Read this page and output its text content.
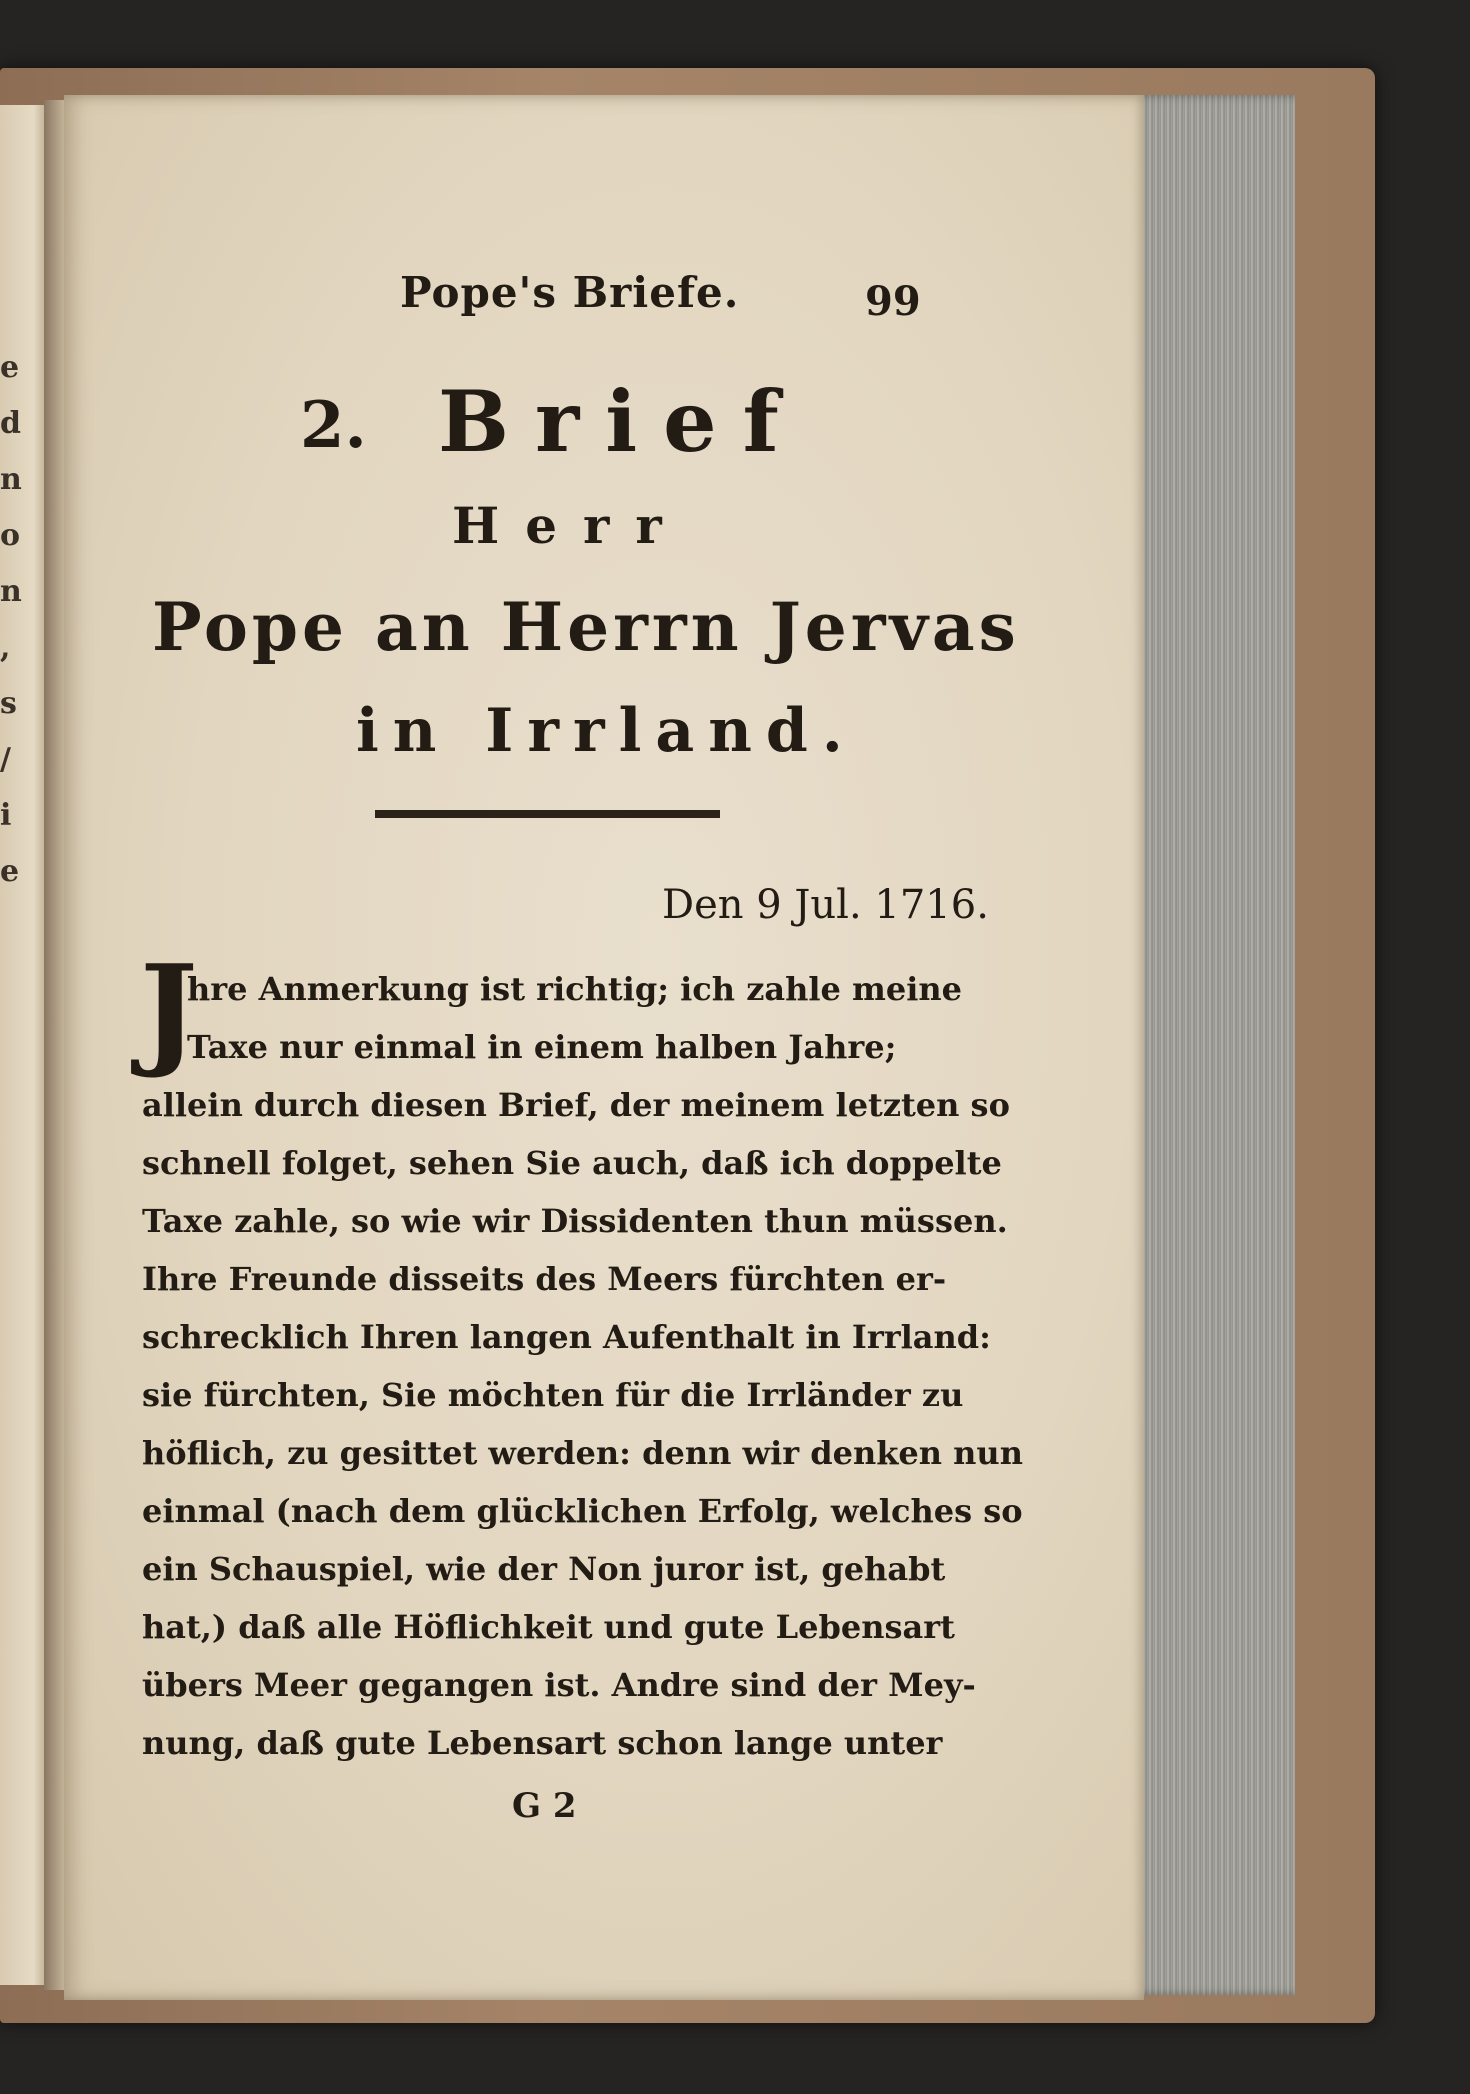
e
d
n
o
n
,
s
/
i
e
Pope's Briefe.	99
2. Brief
Herr
Pope an Herrn Jervas
in Irrland.
Den 9 Jul. 1716.
J
hre Anmerkung ist richtig; ich zahle meine
Taxe nur einmal in einem halben Jahre;
allein durch diesen Brief, der meinem letzten so
schnell folget, sehen Sie auch, daß ich doppelte
Taxe zahle, so wie wir Dissidenten thun müssen.
Ihre Freunde disseits des Meers fürchten er-
schrecklich Ihren langen Aufenthalt in Irrland:
sie fürchten, Sie möchten für die Irrländer zu
höflich, zu gesittet werden: denn wir denken nun
einmal (nach dem glücklichen Erfolg, welches so
ein Schauspiel, wie der Non juror ist, gehabt
hat,) daß alle Höflichkeit und gute Lebensart
übers Meer gegangen ist. Andre sind der Mey-
nung, daß gute Lebensart schon lange unter
G 2
